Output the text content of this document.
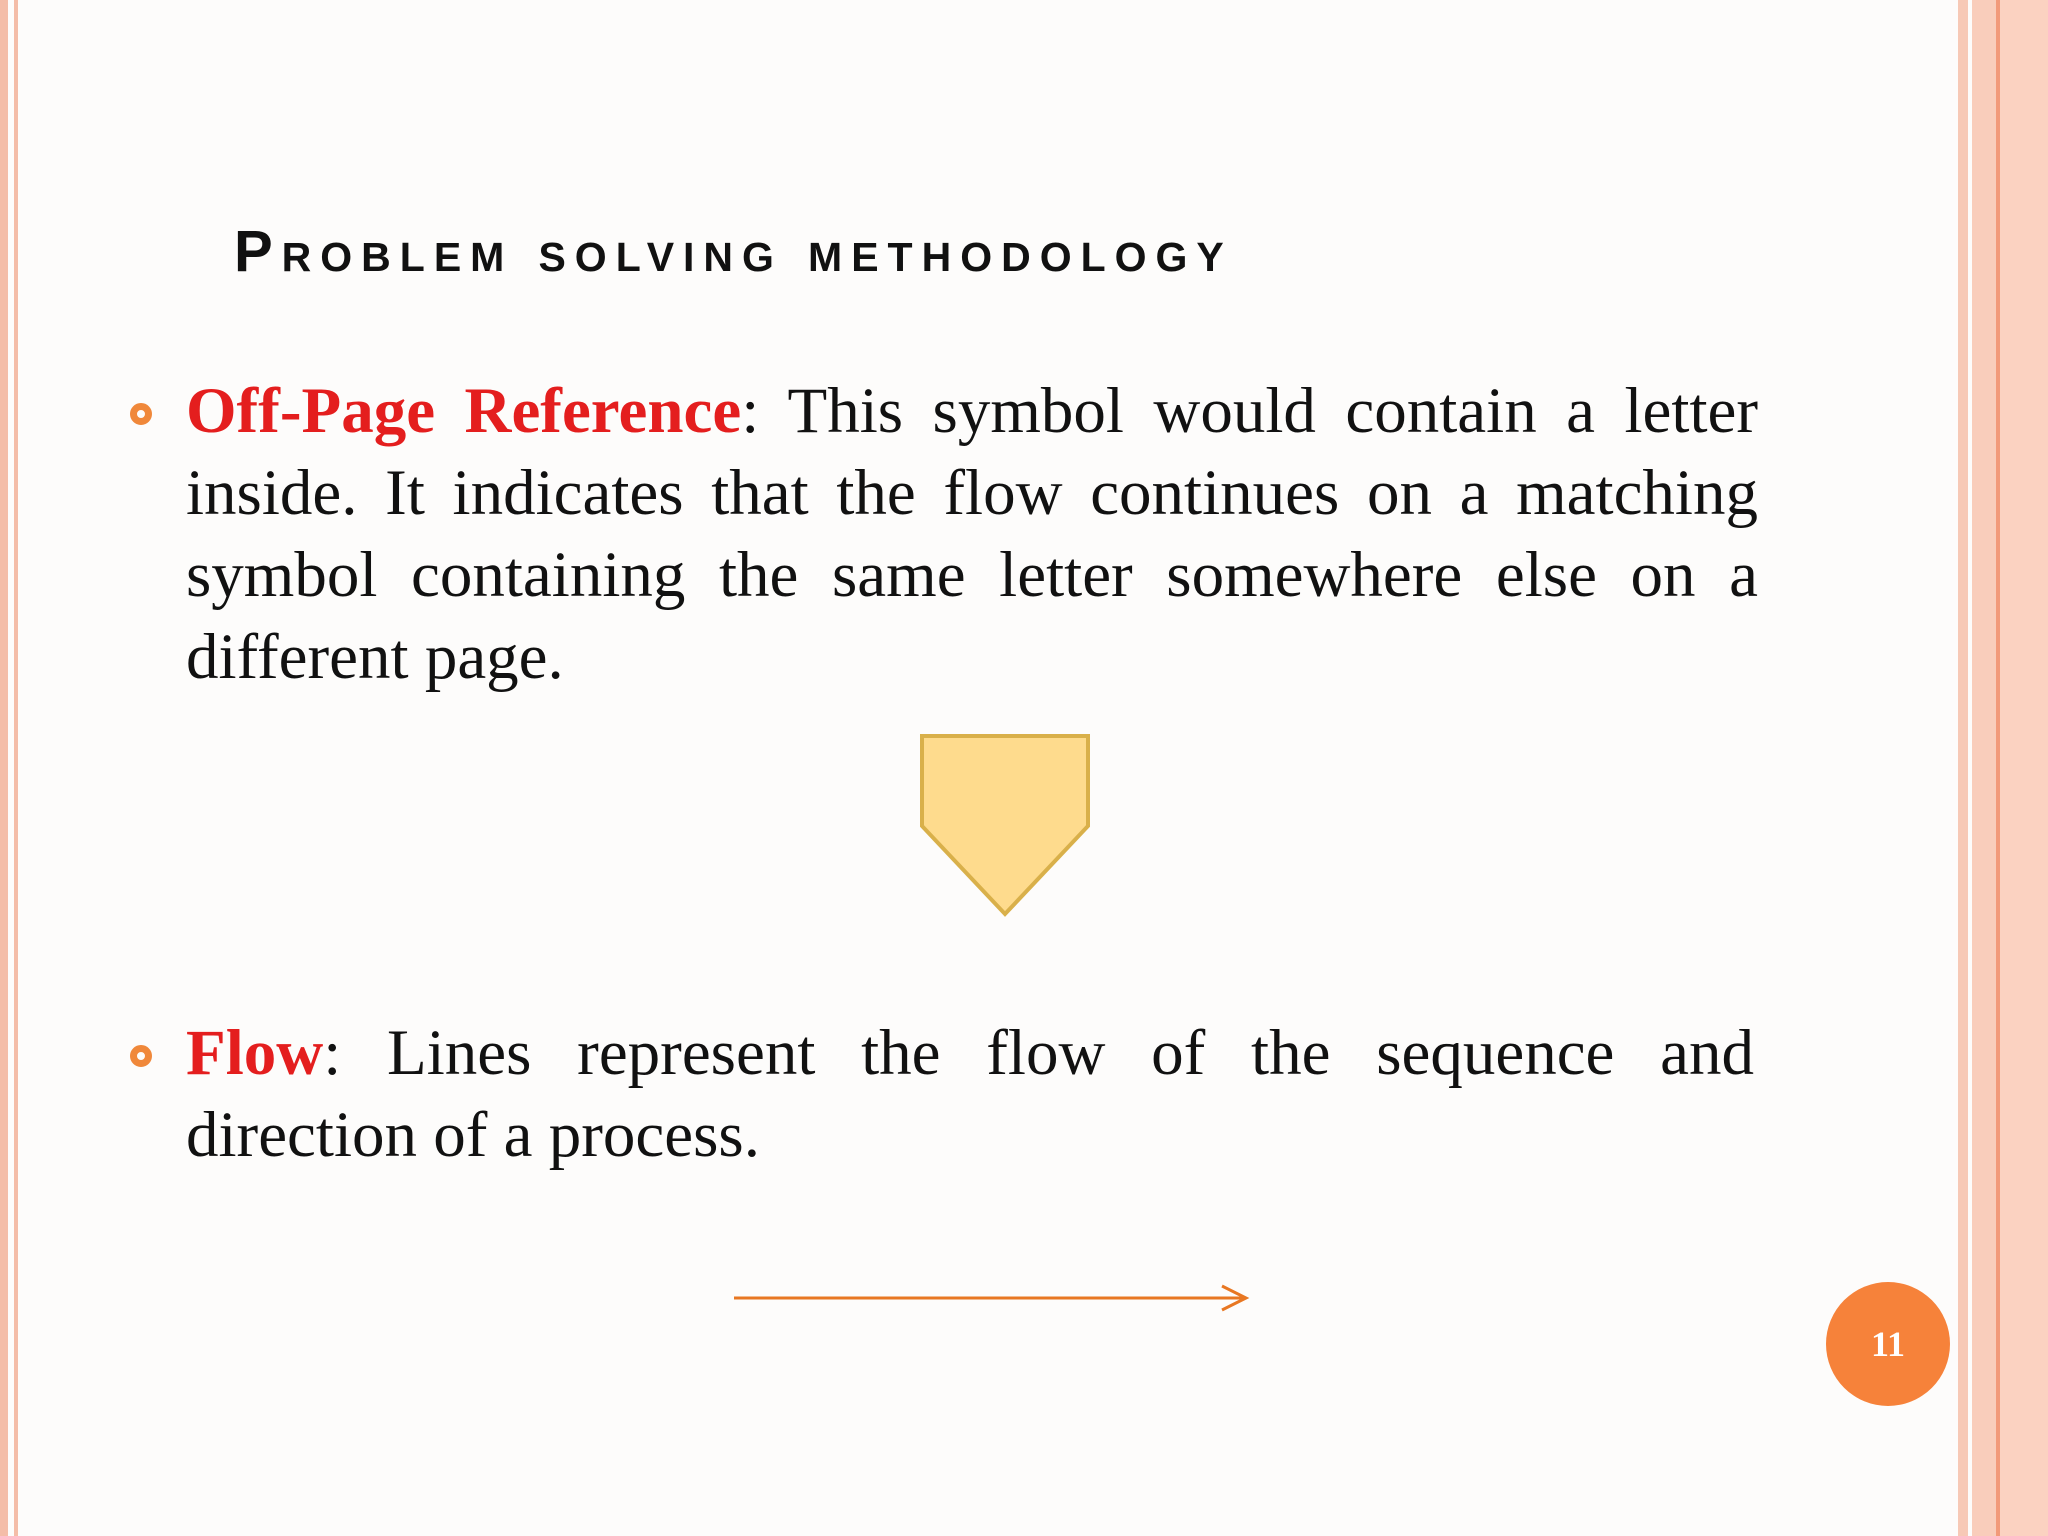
Problem solving methodology
Off-Page Reference: This symbol would contain a letter inside. It indicates that the flow continues on a matching symbol containing the same letter somewhere else on a different page.
Flow: Lines represent the flow of the sequence and direction of a process.
11
